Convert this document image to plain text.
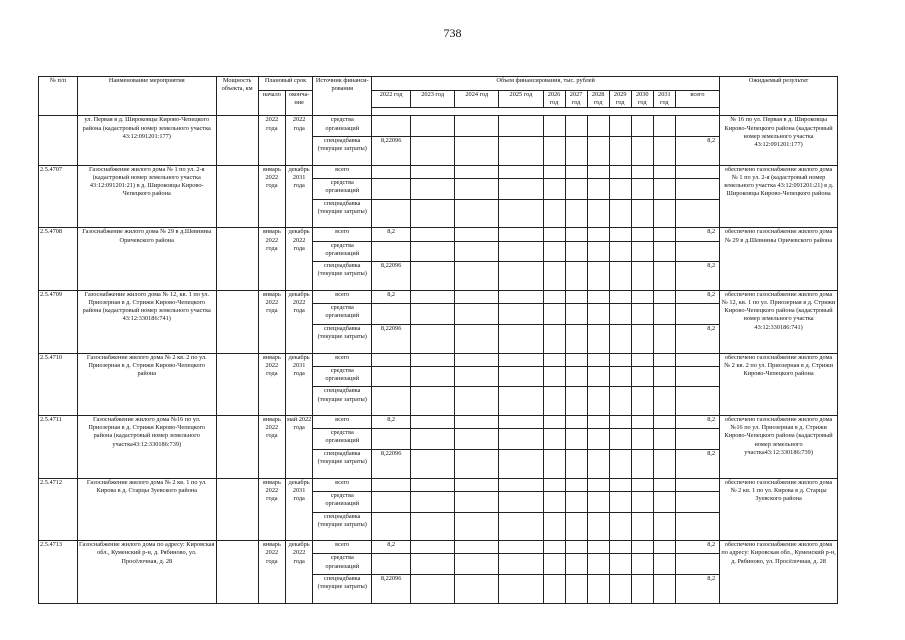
738
№ п/п	Наименование мероприятия	Мощность объекта, км	Плановый срок		Источник финанси-рования	Объем финансирования, тыс. рублей											Ожидаемый результат
			начало	оконча-ние		2022 год	2023 год	2024 год	2025 год	2026 год	2027 год	2028 год	2029 год	2030 год	2031 год	всего	

	ул. Первая в д. Широковцы Кирово-Чепецкого района (кадастровый номер земельного участка 43:12:091201:177)		2022 года	2022 года	средства организаций												№ 16 по ул. Первая в д. Широковцы Кирово-Чепецкого района (кадастровый номер земельного участка 43:12:091201:177)
					спецнадбавка (текущие затраты)	8,22096										8,2	
2.5.4707	Газоснабжение жилого дома № 1 по ул. 2-я (кадастровый номер земельного участка 43:12:091201:21) в д. Широковцы Кирово-Чепецкого района		январь 2022 года	декабрь 2031 года	всего												обеспечено газоснабжение жилого дома № 1 по ул. 2-я (кадастровый номер земельного участка 43:12:091201:21) в д. Широковцы Кирово-Чепецкого района
					средства организаций												
					спецнадбавка (текущие затраты)												
2.5.4708	Газоснабжение жилого дома № 29 в д.Шевнины Оричевского района		январь 2022 года	декабрь 2022 года	всего	8,2										8,2	обеспечено газоснабжение жилого дома № 29 в д.Шевнины Оричевского района
					средства организаций												
					спецнадбавка (текущие затраты)	8,22096										8,2	
2.5.4709	Газоснабжение жилого дома № 12, кв. 1 по ул. Приозерная в д. Стрижи Кирово-Чепецкого района (кадастровый номер земельного участка 43:12:330186:741)		январь 2022 года	декабрь 2022 года	всего	8,2										8,2	обеспечено газоснабжение жилого дома № 12, кв. 1 по ул. Приозерная в д. Стрижи Кирово-Чепецкого района (кадастровый номер земельного участка 43:12:330186:741)
					средства организаций												
					спецнадбавка (текущие затраты)	8,22096										8,2	
2.5.4710	Газоснабжение жилого дома № 2 кв. 2 по ул. Приозерная в д. Стрижи Кирово-Чепецкого района		январь 2022 года	декабрь 2031 года	всего												обеспечено газоснабжение жилого дома № 2 кв. 2 по ул. Приозерная в д. Стрижи Кирово-Чепецкого района
					средства организаций												
					спецнадбавка (текущие затраты)												
2.5.4711	Газоснабжение жилого дома №16 по ул. Приозерная в д. Стрижи Кирово-Чепецкого района (кадастровый номер земельного участка43:12:330186:739)		январь 2022 года	май 2022 года	всего	8,2										8,2	обеспечено газоснабжение жилого дома №16 по ул. Приозерная в д. Стрижи Кирово-Чепецкого района (кадастровый номер земельного участка43:12:330186:739)
					средства организаций												
					спецнадбавка (текущие затраты)	8,22096										8,2	
2.5.4712	Газоснабжение жилого дома № 2 кв. 1 по ул. Кирова в д. Старцы Зуевского района		январь 2022 года	декабрь 2031 года	всего												обеспечено газоснабжение жилого дома № 2 кв. 1 по ул. Кирова в д. Старцы Зуевского района
					средства организаций												
					спецнадбавка (текущие затраты)												
2.5.4713	Газоснабжение жилого дома по адресу: Кировская обл., Куменский р-н, д. Рябиново, ул. Просёлочная, д. 28		январь 2022 года	декабрь 2022 года	всего	8,2										8,2	обеспечено газоснабжение жилого дома по адресу: Кировская обл., Куменский р-н, д. Рябиново, ул. Просёлочная, д. 28
					средства организаций												
					спецнадбавка (текущие затраты)	8,22096										8,2	
